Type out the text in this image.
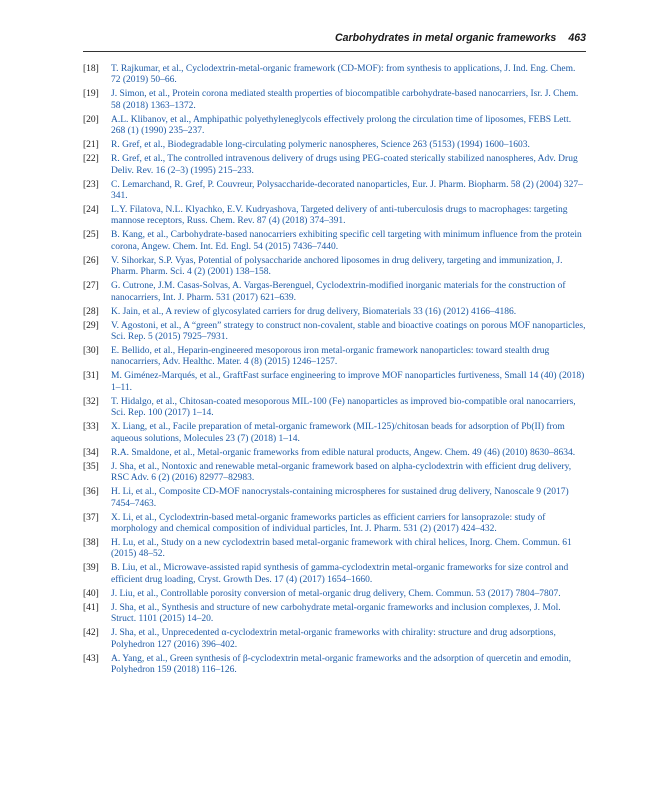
Carbohydrates in metal organic frameworks 463
[18] T. Rajkumar, et al., Cyclodextrin-metal-organic framework (CD-MOF): from synthesis to applications, J. Ind. Eng. Chem. 72 (2019) 50–66.
[19] J. Simon, et al., Protein corona mediated stealth properties of biocompatible carbohydrate-based nanocarriers, Isr. J. Chem. 58 (2018) 1363–1372.
[20] A.L. Klibanov, et al., Amphipathic polyethyleneglycols effectively prolong the circulation time of liposomes, FEBS Lett. 268 (1) (1990) 235–237.
[21] R. Gref, et al., Biodegradable long-circulating polymeric nanospheres, Science 263 (5153) (1994) 1600–1603.
[22] R. Gref, et al., The controlled intravenous delivery of drugs using PEG-coated sterically stabilized nanospheres, Adv. Drug Deliv. Rev. 16 (2–3) (1995) 215–233.
[23] C. Lemarchand, R. Gref, P. Couvreur, Polysaccharide-decorated nanoparticles, Eur. J. Pharm. Biopharm. 58 (2) (2004) 327–341.
[24] L.Y. Filatova, N.L. Klyachko, E.V. Kudryashova, Targeted delivery of anti-tuberculosis drugs to macrophages: targeting mannose receptors, Russ. Chem. Rev. 87 (4) (2018) 374–391.
[25] B. Kang, et al., Carbohydrate-based nanocarriers exhibiting specific cell targeting with minimum influence from the protein corona, Angew. Chem. Int. Ed. Engl. 54 (2015) 7436–7440.
[26] V. Sihorkar, S.P. Vyas, Potential of polysaccharide anchored liposomes in drug delivery, targeting and immunization, J. Pharm. Pharm. Sci. 4 (2) (2001) 138–158.
[27] G. Cutrone, J.M. Casas-Solvas, A. Vargas-Berenguel, Cyclodextrin-modified inorganic materials for the construction of nanocarriers, Int. J. Pharm. 531 (2017) 621–639.
[28] K. Jain, et al., A review of glycosylated carriers for drug delivery, Biomaterials 33 (16) (2012) 4166–4186.
[29] V. Agostoni, et al., A “green” strategy to construct non-covalent, stable and bioactive coatings on porous MOF nanoparticles, Sci. Rep. 5 (2015) 7925–7931.
[30] E. Bellido, et al., Heparin-engineered mesoporous iron metal-organic framework nanoparticles: toward stealth drug nanocarriers, Adv. Healthc. Mater. 4 (8) (2015) 1246–1257.
[31] M. Giménez-Marqués, et al., GraftFast surface engineering to improve MOF nanoparticles furtiveness, Small 14 (40) (2018) 1–11.
[32] T. Hidalgo, et al., Chitosan-coated mesoporous MIL-100 (Fe) nanoparticles as improved bio-compatible oral nanocarriers, Sci. Rep. 100 (2017) 1–14.
[33] X. Liang, et al., Facile preparation of metal-organic framework (MIL-125)/chitosan beads for adsorption of Pb(II) from aqueous solutions, Molecules 23 (7) (2018) 1–14.
[34] R.A. Smaldone, et al., Metal-organic frameworks from edible natural products, Angew. Chem. 49 (46) (2010) 8630–8634.
[35] J. Sha, et al., Nontoxic and renewable metal-organic framework based on alpha-cyclodextrin with efficient drug delivery, RSC Adv. 6 (2) (2016) 82977–82983.
[36] H. Li, et al., Composite CD-MOF nanocrystals-containing microspheres for sustained drug delivery, Nanoscale 9 (2017) 7454–7463.
[37] X. Li, et al., Cyclodextrin-based metal-organic frameworks particles as efficient carriers for lansoprazole: study of morphology and chemical composition of individual particles, Int. J. Pharm. 531 (2) (2017) 424–432.
[38] H. Lu, et al., Study on a new cyclodextrin based metal-organic framework with chiral helices, Inorg. Chem. Commun. 61 (2015) 48–52.
[39] B. Liu, et al., Microwave-assisted rapid synthesis of gamma-cyclodextrin metal-organic frameworks for size control and efficient drug loading, Cryst. Growth Des. 17 (4) (2017) 1654–1660.
[40] J. Liu, et al., Controllable porosity conversion of metal-organic drug delivery, Chem. Commun. 53 (2017) 7804–7807.
[41] J. Sha, et al., Synthesis and structure of new carbohydrate metal-organic frameworks and inclusion complexes, J. Mol. Struct. 1101 (2015) 14–20.
[42] J. Sha, et al., Unprecedented α-cyclodextrin metal-organic frameworks with chirality: structure and drug adsorptions, Polyhedron 127 (2016) 396–402.
[43] A. Yang, et al., Green synthesis of β-cyclodextrin metal-organic frameworks and the adsorption of quercetin and emodin, Polyhedron 159 (2018) 116–126.
